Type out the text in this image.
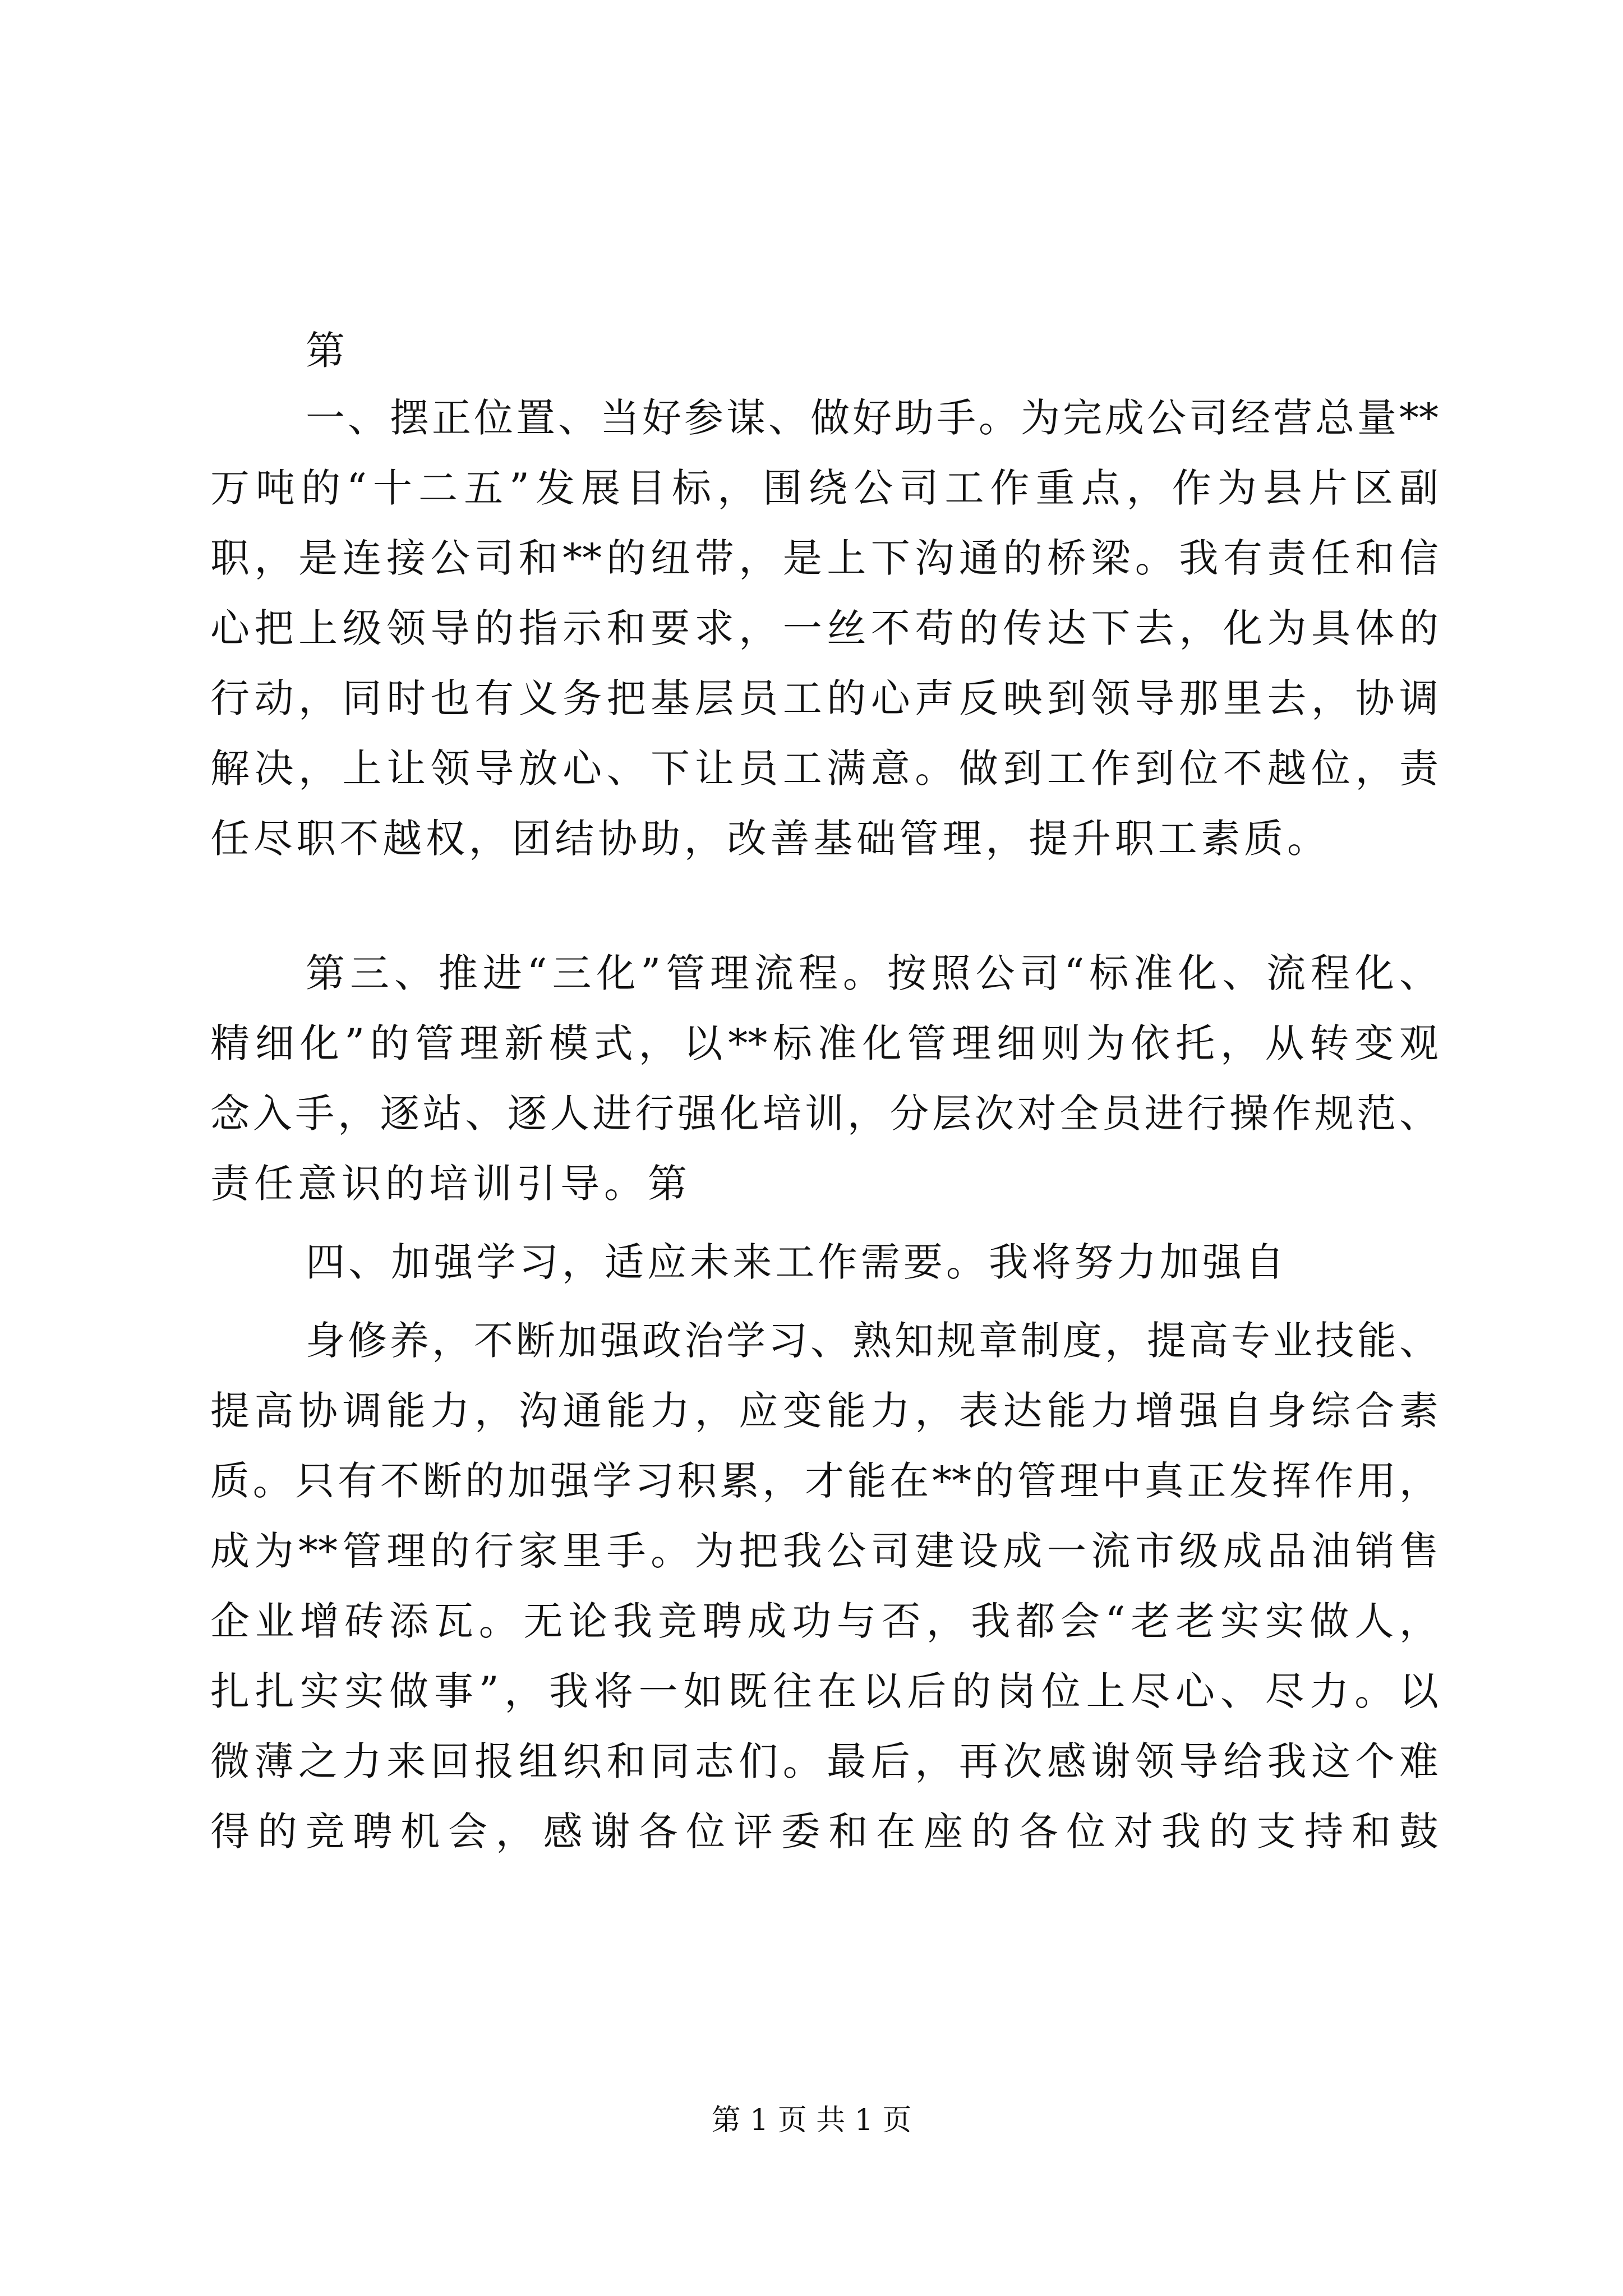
第

一、摆正位置、当好参谋、做好助手。为完成公司经营总量**

万吨的“十二五”发展目标，围绕公司工作重点，作为县片区副

职，是连接公司和**的纽带，是上下沟通的桥梁。我有责任和信

心把上级领导的指示和要求，一丝不苟的传达下去，化为具体的

行动，同时也有义务把基层员工的心声反映到领导那里去，协调

解决，上让领导放心、下让员工满意。做到工作到位不越位，责

任尽职不越权，团结协助，改善基础管理，提升职工素质。

第三、推进“三化”管理流程。按照公司“标准化、流程化、

精细化”的管理新模式，以**标准化管理细则为依托，从转变观

念入手，逐站、逐人进行强化培训，分层次对全员进行操作规范、

责任意识的培训引导。第

四、加强学习，适应未来工作需要。我将努力加强自

身修养，不断加强政治学习、熟知规章制度，提高专业技能、

提高协调能力，沟通能力，应变能力，表达能力增强自身综合素

质。只有不断的加强学习积累，才能在**的管理中真正发挥作用，

成为**管理的行家里手。为把我公司建设成一流市级成品油销售

企业增砖添瓦。无论我竞聘成功与否，我都会“老老实实做人，

扎扎实实做事”，我将一如既往在以后的岗位上尽心、尽力。以

微薄之力来回报组织和同志们。最后，再次感谢领导给我这个难

得的竞聘机会，感谢各位评委和在座的各位对我的支持和鼓

第 1 页 共 1 页
